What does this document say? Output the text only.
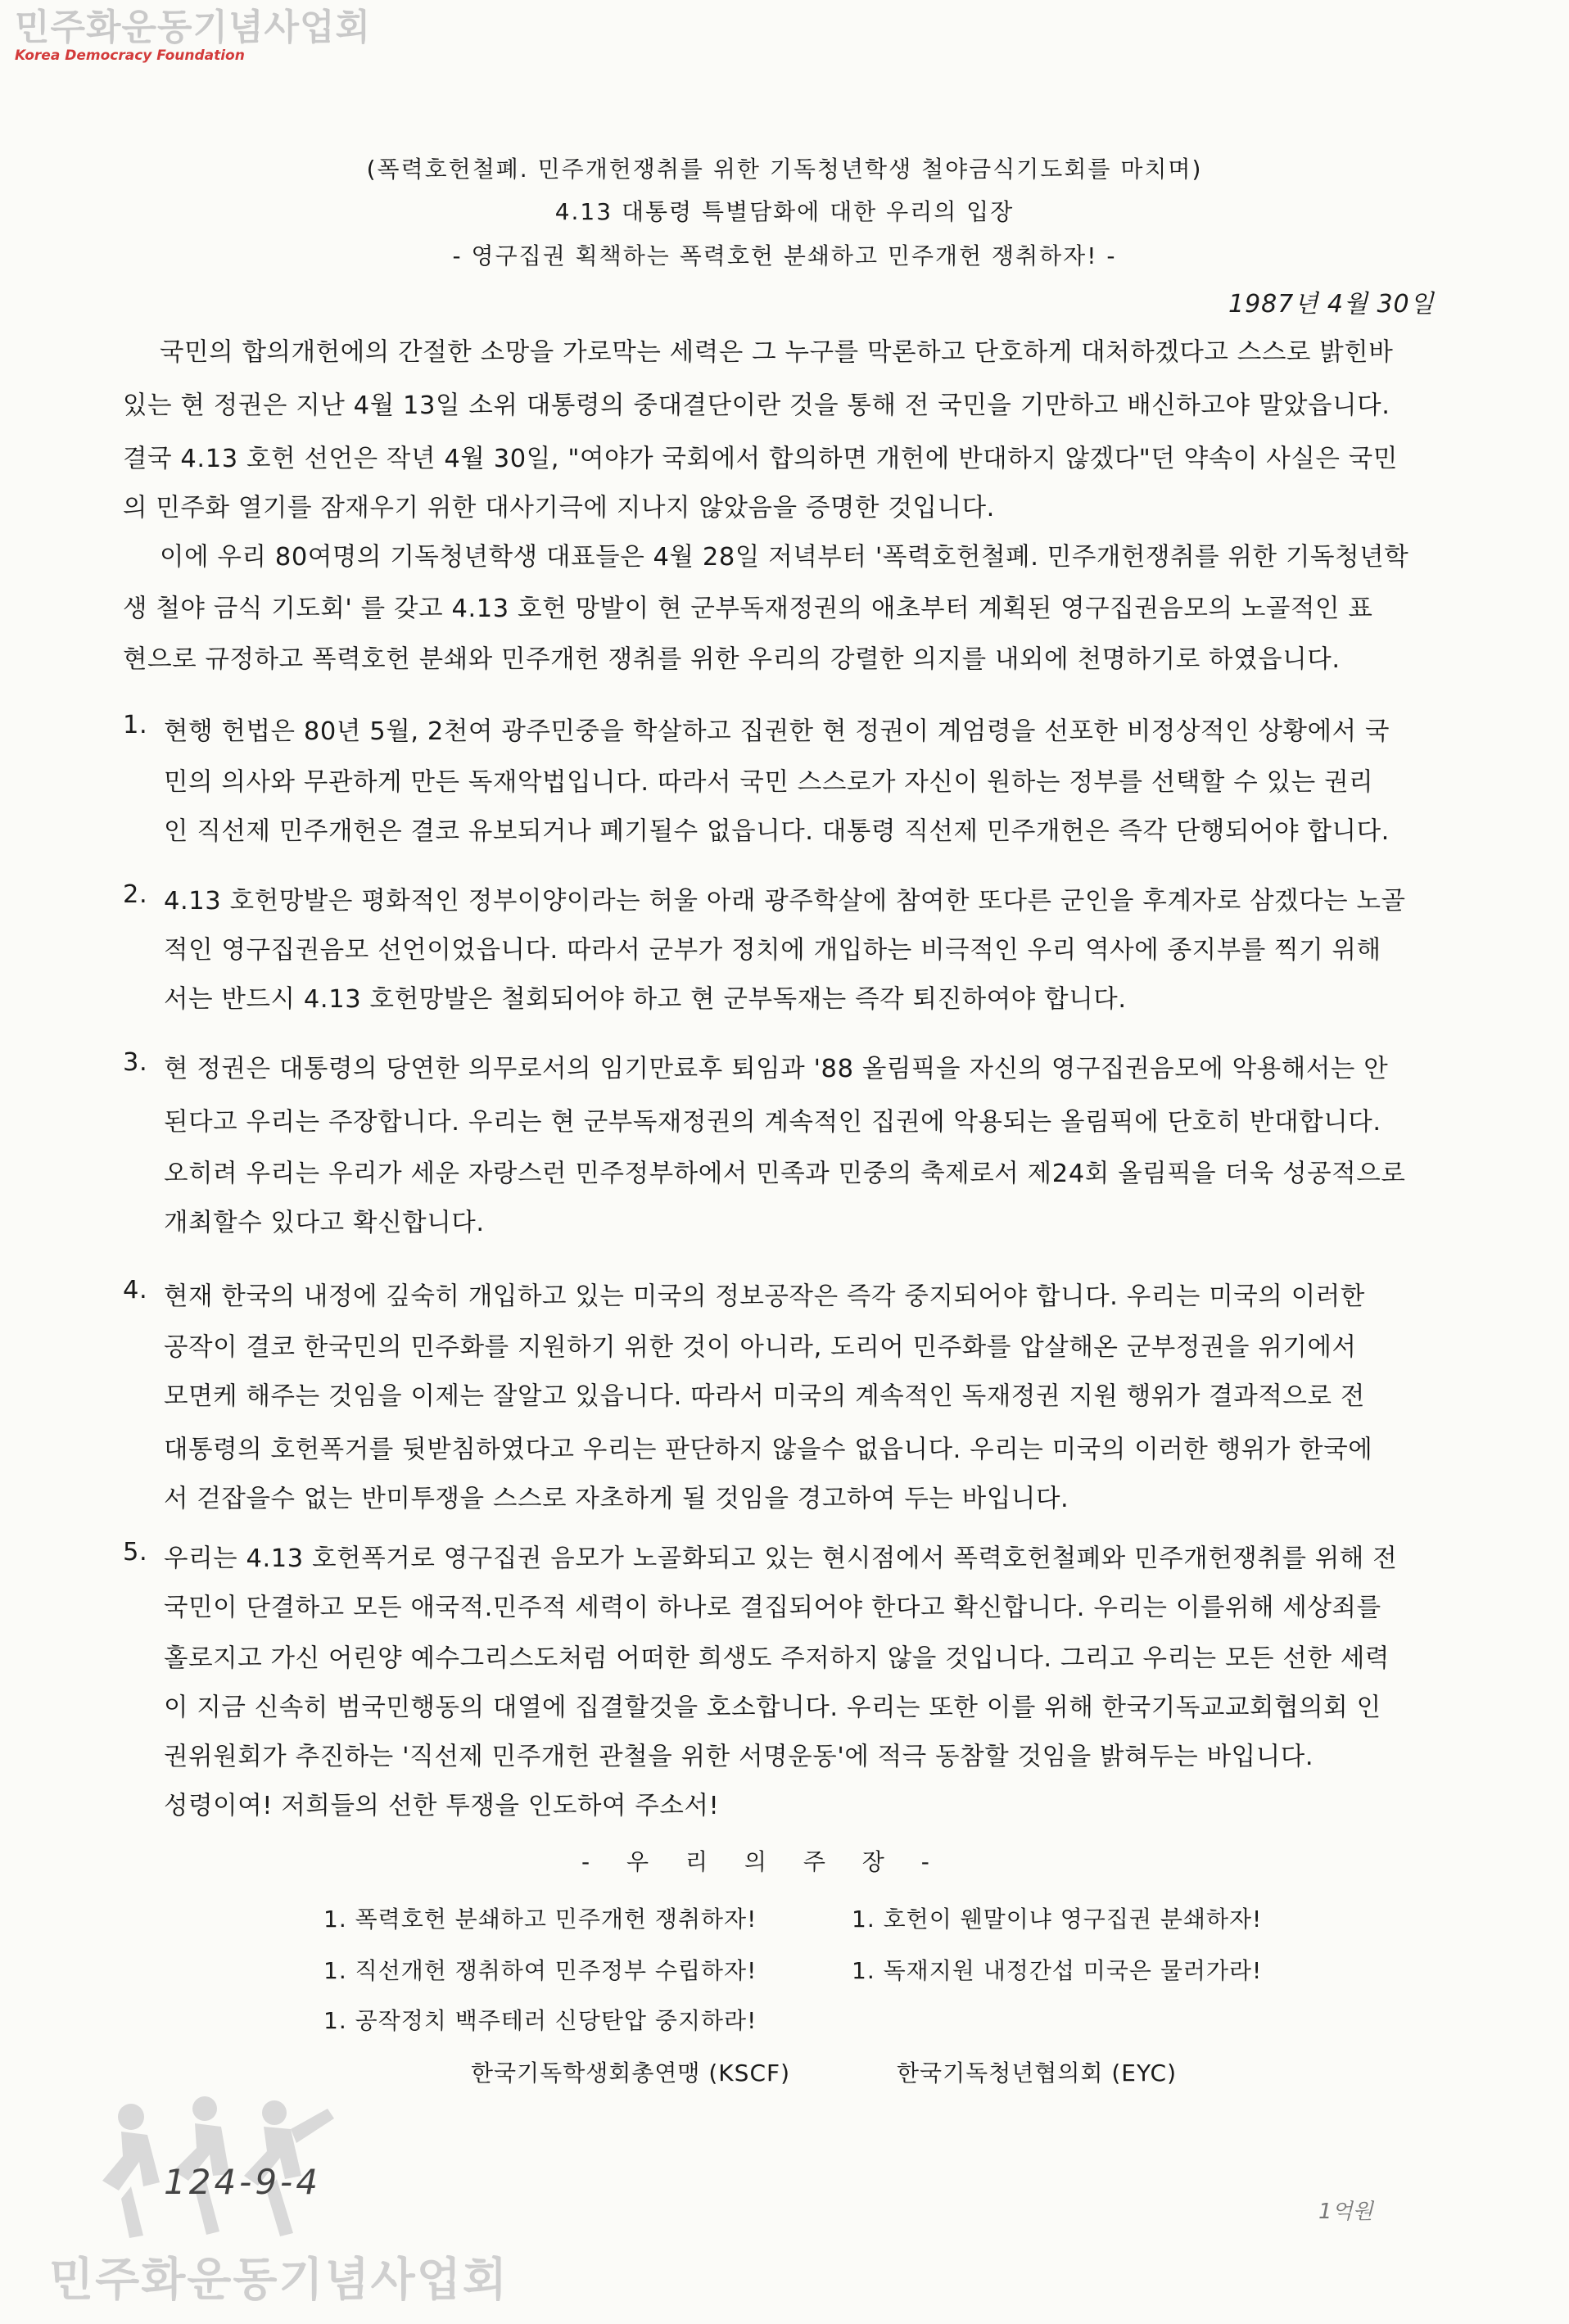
민주화운동기념사업회
Korea Democracy Foundation
(폭력호헌철폐. 민주개헌쟁취를 위한 기독청년학생 철야금식기도회를 마치며)
4.13 대통령 특별담화에 대한 우리의 입장
- 영구집권 획책하는 폭력호헌 분쇄하고 민주개헌 쟁취하자! -
1987년 4월 30일
국민의 합의개헌에의 간절한 소망을 가로막는 세력은 그 누구를 막론하고 단호하게 대처하겠다고 스스로 밝힌바
있는 현 정권은 지난 4월 13일 소위 대통령의 중대결단이란 것을 통해 전 국민을 기만하고 배신하고야 말았읍니다.
결국 4.13 호헌 선언은 작년 4월 30일, "여야가 국회에서 합의하면 개헌에 반대하지 않겠다"던 약속이 사실은 국민
의 민주화 열기를 잠재우기 위한 대사기극에 지나지 않았음을 증명한 것입니다.
이에 우리 80여명의 기독청년학생 대표들은 4월 28일 저녁부터 '폭력호헌철폐. 민주개헌쟁취를 위한 기독청년학
생 철야 금식 기도회' 를 갖고 4.13 호헌 망발이 현 군부독재정권의 애초부터 계획된 영구집권음모의 노골적인 표
현으로 규정하고 폭력호헌 분쇄와 민주개헌 쟁취를 위한 우리의 강렬한 의지를 내외에 천명하기로 하였읍니다.
1. 현행 헌법은 80년 5월, 2천여 광주민중을 학살하고 집권한 현 정권이 계엄령을 선포한 비정상적인 상황에서 국
민의 의사와 무관하게 만든 독재악법입니다. 따라서 국민 스스로가 자신이 원하는 정부를 선택할 수 있는 권리
인 직선제 민주개헌은 결코 유보되거나 폐기될수 없읍니다. 대통령 직선제 민주개헌은 즉각 단행되어야 합니다.
2. 4.13 호헌망발은 평화적인 정부이양이라는 허울 아래 광주학살에 참여한 또다른 군인을 후계자로 삼겠다는 노골
적인 영구집권음모 선언이었읍니다. 따라서 군부가 정치에 개입하는 비극적인 우리 역사에 종지부를 찍기 위해
서는 반드시 4.13 호헌망발은 철회되어야 하고 현 군부독재는 즉각 퇴진하여야 합니다.
3. 현 정권은 대통령의 당연한 의무로서의 임기만료후 퇴임과 '88 올림픽을 자신의 영구집권음모에 악용해서는 안
된다고 우리는 주장합니다. 우리는 현 군부독재정권의 계속적인 집권에 악용되는 올림픽에 단호히 반대합니다.
오히려 우리는 우리가 세운 자랑스런 민주정부하에서 민족과 민중의 축제로서 제24회 올림픽을 더욱 성공적으로
개최할수 있다고 확신합니다.
4. 현재 한국의 내정에 깊숙히 개입하고 있는 미국의 정보공작은 즉각 중지되어야 합니다. 우리는 미국의 이러한
공작이 결코 한국민의 민주화를 지원하기 위한 것이 아니라, 도리어 민주화를 압살해온 군부정권을 위기에서
모면케 해주는 것임을 이제는 잘알고 있읍니다. 따라서 미국의 계속적인 독재정권 지원 행위가 결과적으로 전
대통령의 호헌폭거를 뒷받침하였다고 우리는 판단하지 않을수 없읍니다. 우리는 미국의 이러한 행위가 한국에
서 걷잡을수 없는 반미투쟁을 스스로 자초하게 될 것임을 경고하여 두는 바입니다.
5. 우리는 4.13 호헌폭거로 영구집권 음모가 노골화되고 있는 현시점에서 폭력호헌철폐와 민주개헌쟁취를 위해 전
국민이 단결하고 모든 애국적.민주적 세력이 하나로 결집되어야 한다고 확신합니다. 우리는 이를위해 세상죄를
홀로지고 가신 어린양 예수그리스도처럼 어떠한 희생도 주저하지 않을 것입니다. 그리고 우리는 모든 선한 세력
이 지금 신속히 범국민행동의 대열에 집결할것을 호소합니다. 우리는 또한 이를 위해 한국기독교교회협의회 인
권위원회가 추진하는 '직선제 민주개헌 관철을 위한 서명운동'에 적극 동참할 것임을 밝혀두는 바입니다.
성령이여! 저희들의 선한 투쟁을 인도하여 주소서!
- 우 리 의 주 장 -
1. 폭력호헌 분쇄하고 민주개헌 쟁취하자!	1. 호헌이 웬말이냐 영구집권 분쇄하자!
1. 직선개헌 쟁취하여 민주정부 수립하자!	1. 독재지원 내정간섭 미국은 물러가라!
1. 공작정치 백주테러 신당탄압 중지하라!
한국기독학생회총연맹 (KSCF)	한국기독청년협의회 (EYC)
124-9-4
1억원
민주화운동기념사업회
